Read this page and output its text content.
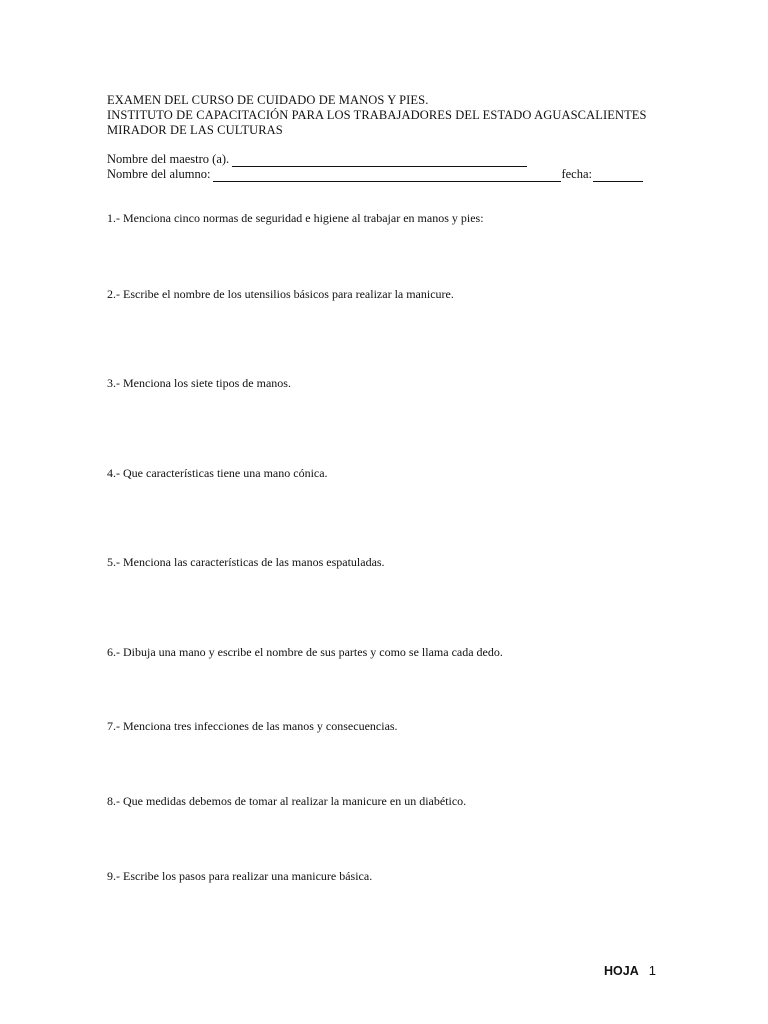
EXAMEN DEL CURSO DE CUIDADO DE MANOS Y PIES.
INSTITUTO DE CAPACITACIÓN PARA LOS TRABAJADORES DEL ESTADO AGUASCALIENTES
MIRADOR DE LAS CULTURAS
Nombre del maestro (a).
Nombre del alumno:	fecha:
1.- Menciona cinco normas de seguridad e higiene al trabajar en manos y pies:
2.- Escribe el nombre de los utensilios básicos para realizar la manicure.
3.- Menciona los siete tipos de manos.
4.- Que características tiene una mano cónica.
5.- Menciona las características de las manos espatuladas.
6.- Dibuja una mano y escribe el nombre de sus partes y como se llama cada dedo.
7.- Menciona tres infecciones de las manos y consecuencias.
8.- Que medidas debemos de tomar al realizar la manicure en un diabético.
9.- Escribe los pasos para realizar una manicure básica.
HOJA 1
